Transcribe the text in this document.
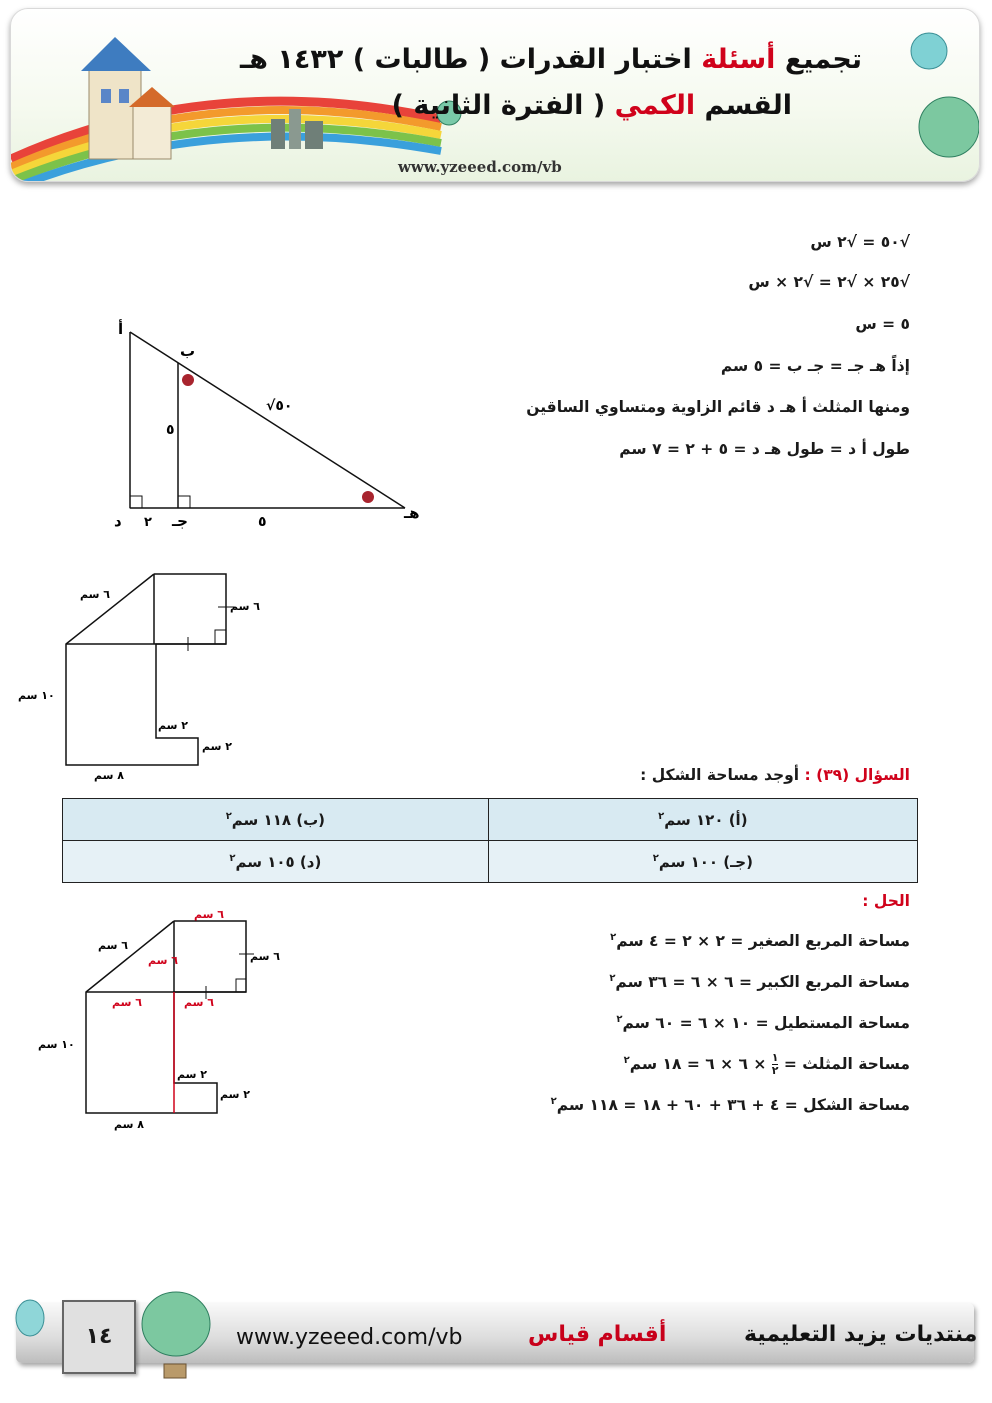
تجميع أسئلة اختبار القدرات ( طالبات ) ١٤٣٢ هـ
القسم الكمي ( الفترة الثانية )
www.yzeeed.com/vb
√٥٠ = √٢ س
√٢٥ × √٢ = √٢ × س
٥ = س
إذاً هـ جـ = جـ ب = ٥ سم
ومنها المثلث أ هـ د قائم الزاوية ومتساوي الساقين
طول أ د = طول هـ د = ٥ + ٢ = ٧ سم
أ
ب
جـ
د	هـ
٥
٥
٢
√٥٠
٦ سم
٦ سم
١٠ سم
٢ سم
٢ سم
٨ سم	السؤال (٣٩) : أوجد مساحة الشكل :
(أ) ١٢٠ سم$^٢$	(ب) ١١٨ سم$^٢$
(جـ) ١٠٠ سم$^٢$	(د) ١٠٥ سم$^٢$
الحل :
مساحة المربع الصغير = ٢ × ٢ = ٤ سم$^٢$
مساحة المربع الكبير = ٦ × ٦ = ٣٦ سم$^٢$
مساحة المستطيل = ١٠ × ٦ = ٦٠ سم$^٢$
مساحة المثلث =
١
٢
× ٦ × ٦ = ١٨ سم$^٢$
مساحة الشكل = ٤ + ٣٦ + ٦٠ + ١٨ = ١١٨ سم$^٢$
٦ سم
٦ سم
٦ سم	٦ سم
٦ سم	٦ سم
١٠ سم
٢ سم
٢ سم
٨ سم
١٤	www.yzeeed.com/vb	أقسام قياس	منتديات يزيد التعليمية
